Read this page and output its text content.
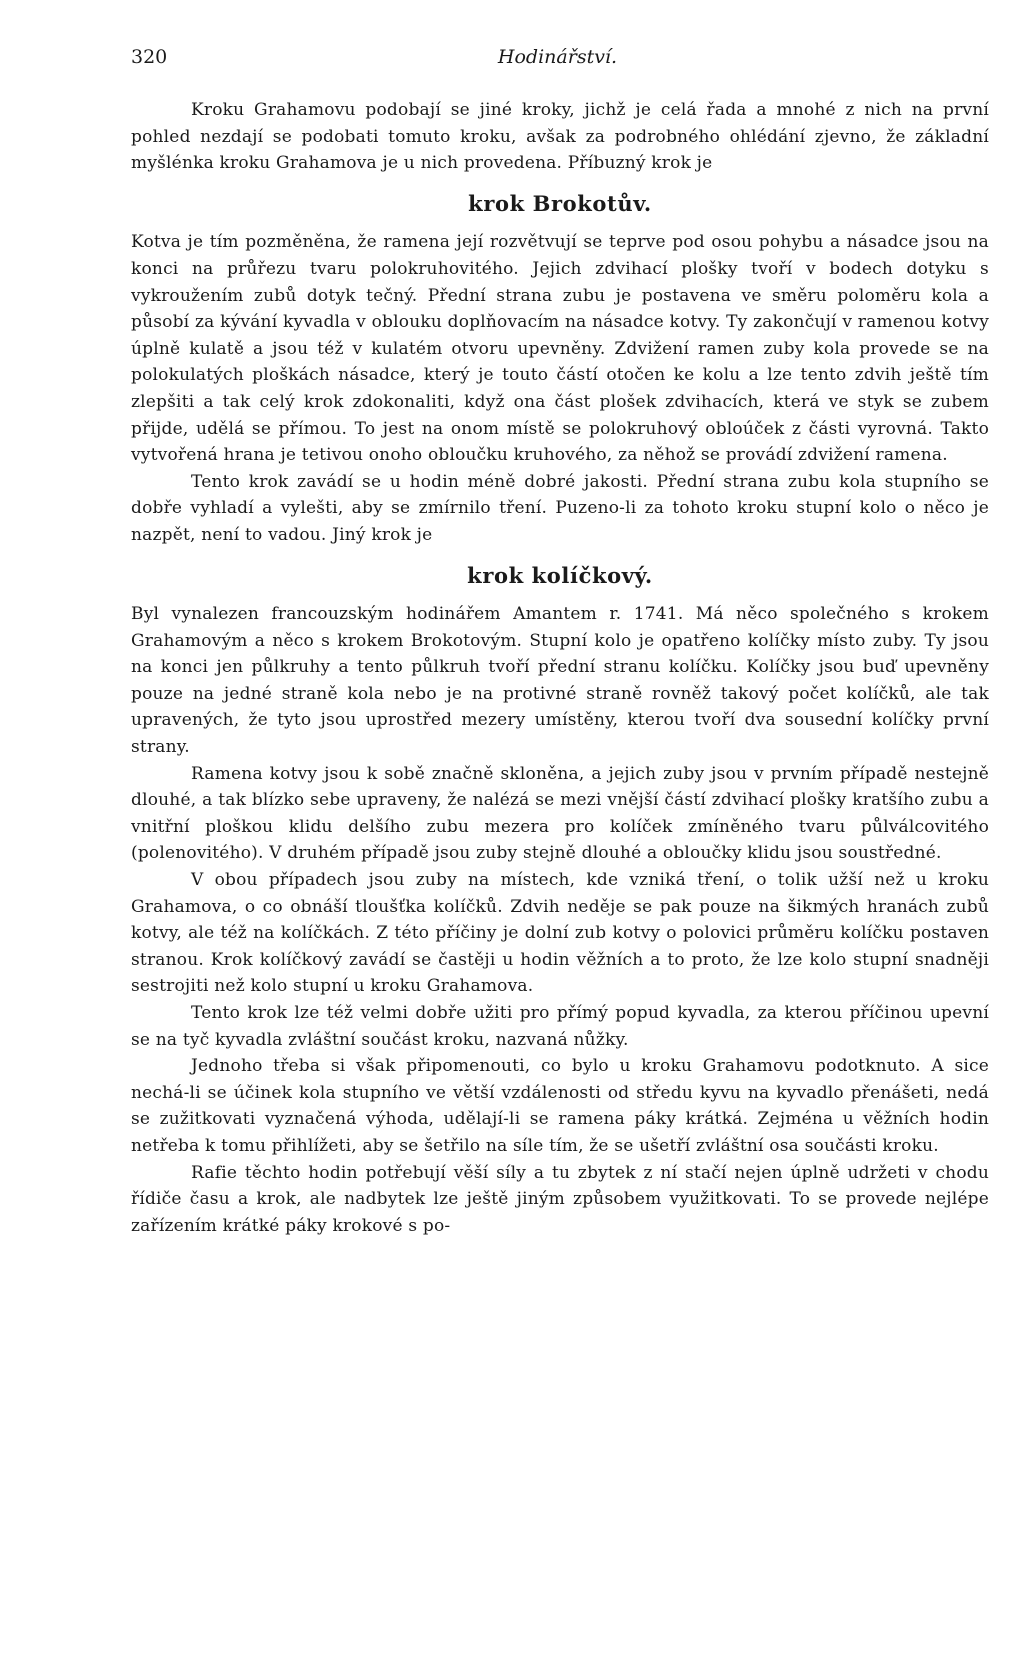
320	Hodinářství.

Kroku Grahamovu podobají se jiné kroky, jichž je celá řada a mnohé z nich na první pohled nezdají se podobati tomuto kroku, avšak za podrobného ohlédání zjevno, že základní myšlénka kroku Grahamova je u nich provedena. Příbuzný krok je

krok Brokotův.

Kotva je tím pozměněna, že ramena její rozvětvují se teprve pod osou pohybu a násadce jsou na konci na průřezu tvaru polokruhovitého. Jejich zdvihací plošky tvoří v bodech dotyku s vykroužením zubů dotyk tečný. Přední strana zubu je postavena ve směru poloměru kola a působí za kývání kyvadla v oblouku doplňovacím na násadce kotvy. Ty zakončují v ramenou kotvy úplně kulatě a jsou též v kulatém otvoru upevněny. Zdvižení ramen zuby kola provede se na polokulatých ploškách násadce, který je touto částí otočen ke kolu a lze tento zdvih ještě tím zlepšiti a tak celý krok zdokonaliti, když ona část plošek zdvihacích, která ve styk se zubem přijde, udělá se přímou. To jest na onom místě se polokruhový obloúček z části vyrovná. Takto vytvořená hrana je tetivou onoho obloučku kruhového, za něhož se provádí zdvižení ramena.

Tento krok zavádí se u hodin méně dobré jakosti. Přední strana zubu kola stupního se dobře vyhladí a vylešti, aby se zmírnilo tření. Puzeno-li za tohoto kroku stupní kolo o něco je nazpět, není to vadou. Jiný krok je

krok kolíčkový.

Byl vynalezen francouzským hodinářem Amantem r. 1741. Má něco společného s krokem Grahamovým a něco s krokem Brokotovým. Stupní kolo je opatřeno kolíčky místo zuby. Ty jsou na konci jen půlkruhy a tento půlkruh tvoří přední stranu kolíčku. Kolíčky jsou buď upevněny pouze na jedné straně kola nebo je na protivné straně rovněž takový počet kolíčků, ale tak upravených, že tyto jsou uprostřed mezery umístěny, kterou tvoří dva sousední kolíčky první strany.

Ramena kotvy jsou k sobě značně skloněna, a jejich zuby jsou v prvním případě nestejně dlouhé, a tak blízko sebe upraveny, že nalézá se mezi vnější částí zdvihací plošky kratšího zubu a vnitřní ploškou klidu delšího zubu mezera pro kolíček zmíněného tvaru půlválcovitého (polenovitého). V druhém případě jsou zuby stejně dlouhé a obloučky klidu jsou soustředné.

V obou případech jsou zuby na místech, kde vzniká tření, o tolik užší než u kroku Grahamova, o co obnáší tloušťka kolíčků. Zdvih neděje se pak pouze na šikmých hranách zubů kotvy, ale též na kolíčkách. Z této příčiny je dolní zub kotvy o polovici průměru kolíčku postaven stranou. Krok kolíčkový zavádí se častěji u hodin věžních a to proto, že lze kolo stupní snadněji sestrojiti než kolo stupní u kroku Grahamova.

Tento krok lze též velmi dobře užiti pro přímý popud kyvadla, za kterou příčinou upevní se na tyč kyvadla zvláštní součást kroku, nazvaná nůžky.

Jednoho třeba si však připomenouti, co bylo u kroku Grahamovu podotknuto. A sice nechá-li se účinek kola stupního ve větší vzdálenosti od středu kyvu na kyvadlo přenášeti, nedá se zužitkovati vyznačená výhoda, udělají-li se ramena páky krátká. Zejména u věžních hodin netřeba k tomu přihlížeti, aby se šetřilo na síle tím, že se ušetří zvláštní osa součásti kroku.

Rafie těchto hodin potřebují věší síly a tu zbytek z ní stačí nejen úplně udržeti v chodu řídiče času a krok, ale nadbytek lze ještě jiným způsobem využitkovati. To se provede nejlépe zařízením krátké páky krokové s po-
